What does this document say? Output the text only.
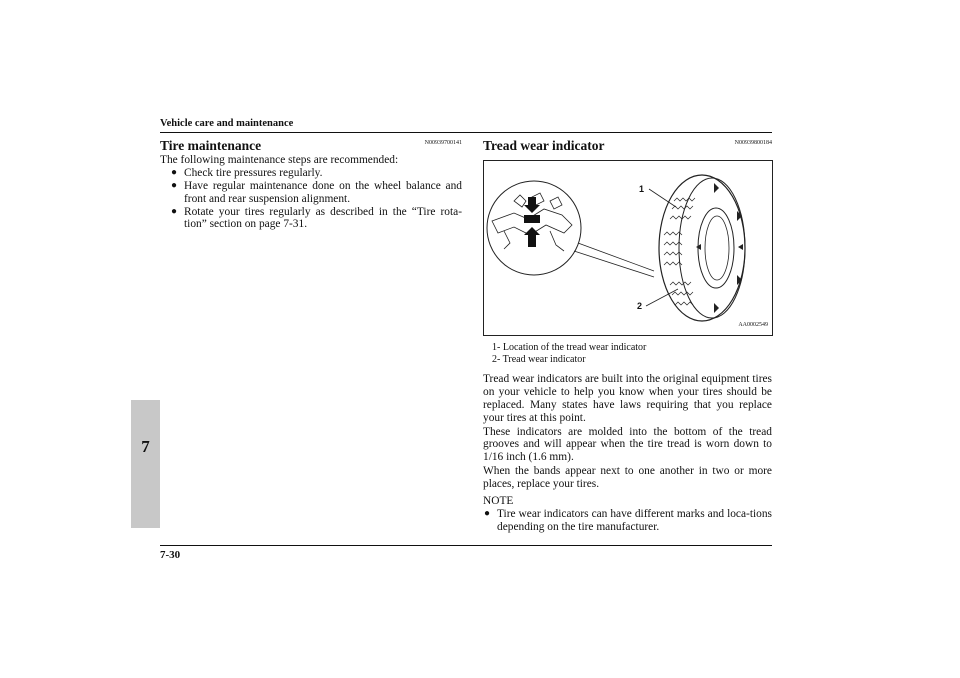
Vehicle care and maintenance
7
7-30
Tire maintenance	N00939700141
The following maintenance steps are recommended:
● Check tire pressures regularly.
● Have regular maintenance done on the wheel balance and front and rear suspension alignment.
● Rotate your tires regularly as described in the “Tire rota-tion” section on page 7-31.
Tread wear indicator	N00939800184
1
2
AA0002549
1- Location of the tread wear indicator
2- Tread wear indicator
Tread wear indicators are built into the original equipment tires on your vehicle to help you know when your tires should be replaced. Many states have laws requiring that you replace your tires at this point.
These indicators are molded into the bottom of the tread grooves and will appear when the tire tread is worn down to 1/16 inch (1.6 mm).
When the bands appear next to one another in two or more places, replace your tires.
NOTE
● Tire wear indicators can have different marks and loca-tions depending on the tire manufacturer.
